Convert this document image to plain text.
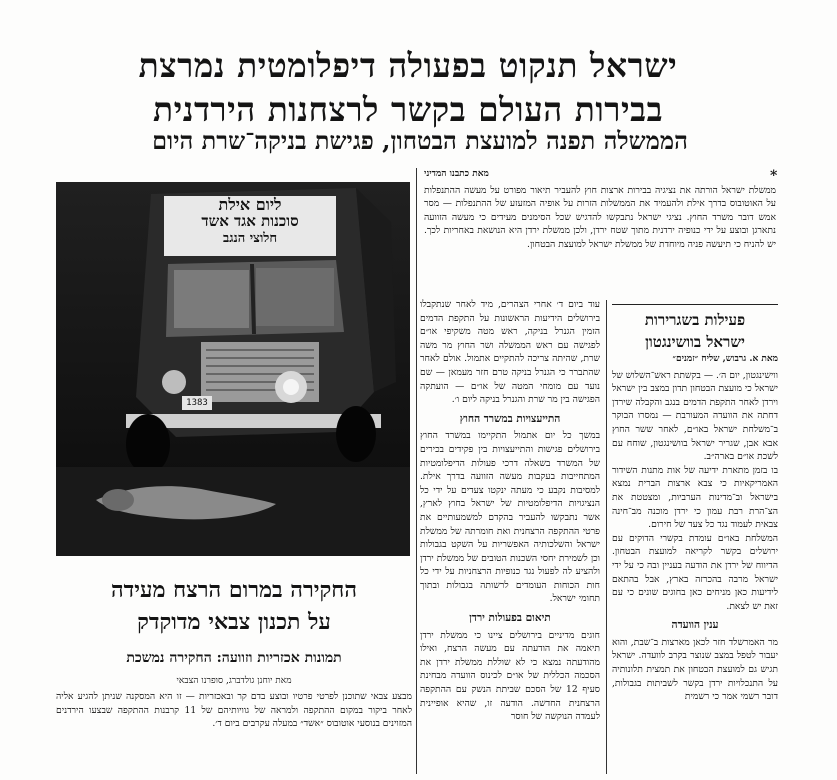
ישראל תנקוט בפעולה דיפלומטית נמרצת
בבירות העולם בקשר לרצחנות הירדנית
הממשלה תפנה למועצת הבטחון, פגישת בניקה־שרת היום
ליום אילת
סוכנות אגד אשד
חלוצי הנגב
1383
החקירה במרום הרצח מעידה
על תכנון צבאי מדוקדק
תמונות אכזריות וזוועה: החקירה נמשכת
מאת יוחנן גולדברג, סופרנו הצבאי
מבצע צבאי שתוכנן לפרטי פרטיו ובוצע בדם קר ובאכזריות — זו היא המסקנה שניתן להגיע אליה לאחר ביקור במקום ההתקפה ולמראה של גוויותיהם של 11 קרבנות ההתקפה שבצעו הירדנים המזוינים בנוסעי אוטובוס ״אשד״ במעלה עקרבים ביום ד׳.
מאת כתבנו המדיני

ממשלת ישראל הורתה את נציגיה בבירות ארצות חוץ להעביר תיאור מפורט על מעשה ההתנפלות על האוטובוס בדרך אילת ולהעמיד את הממשלות הזרות על אופיה המזעזע של ההתנפלות — מסר אמש דובר משרד החוץ. נציגי ישראל נתבקשו להדגיש שכל הסימנים מעידים כי מעשה הזוועה נתארגן ובוצע על ידי כנופיה ירדנית מתוך שטח ירדן, ולכן ממשלת ירדן היא הנושאת באחריות לכך. יש להניח כי תיעשה פניה מיוחדת של ממשלת ישראל למועצת הבטחון.

*

עוד ביום ד׳ אחרי הצהרים, מיד לאחר שנתקבלו בירושלים הידיעות הראשונות על התקפת הדמים הזמין הגנרל בניקה, ראש מטה משקיפי או״ם לפגישה עם ראש הממשלה ושר החוץ מר משה שרת, שהיתה צריכה להתקיים אתמול. אולם לאחר שהתברר כי הגנרל בניקה טרם חזר מעמאן — שם נועד עם מומחי המטה של או״ם — הועתקה הפגישה בין מר שרת והגנרל בניקה ליום ו׳.

התייעצויות במשרד החוץ

במשך כל יום אתמול התקיימו במשרד החוץ בירושלים פגישות והתייעצויות בין פקידים בכירים של המשרד בשאלה דרכי פעולות הדיפלומטיות המתחייבות בעקבות מעשה הזוועה בדרך אילת. למסיבות נקבע כי מעתה ינקטו צעדים על ידי כל הנציגויות הדיפלומטיות של ישראל בחוץ לארץ, אשר נתבקשו להעביר בהקדם למשמעותיים את פרטי ההתקפה הרצחנית ואת חומרתה של ממשלת ישראל והשלכותיה האפשריות על השקט בגבולות וכן לשמירת יחסי השכנות הטובים של ממשלת ירדן ולהציע לה לפעול נגד כנופיות הרצחניות על ידי כל חות הכוחות העומדים לרשותה בגבולות ובתוך תחומי ישראל.

תיאום בפעולות ירדן

חוגים מדיניים בירושלים ציינו כי ממשלת ירדן תיאמה את הודעתה עם מעשה הרצח, ואילו מהודעתה נמצא כי לא שוללת ממשלת ירדן את הסכמה הכללית של או״ם לכינוס הוועדה מבחינת סעיף 12 של הסכם שביתת הנשק עם ההתקפה הרצחנית החדשה. הודעה זו, שהיא אופיינית לעמדה הנוקשה של חוסר

פעילות בשגרירות
ישראל בוושינגטון
מאת א. גרבוש, שליח ״זמנים״

ווישינגטון, יום ה׳. — בקשתת ראש־השלוש של ישראל כי מועצת הבטחון תדון במצב בין ישראל וירדן לאחר התקפת הדמים בנגב והקבלה שירדן דחתה את הוועדה המעורבת — נמסרו הבוקר ב־משלחת ישראל באו״ם, לאחר ששר החוץ אבא אבן, שגריר ישראל בוושינגטון, שוחח עם לשכת או״ם בארה״ב.

בו בזמן מתארת ידיעה של אות מתנות השידור האמריקאיות כי צבא ארצות הברית נמצא בישראל וב־מדינות הערביות, ומצטטת את הצ־הרת רבת עמון כי ירדן מוכנה מב־חינה צבאית לעמוד נגד כל צעד של חירום.

המשלחת באו״ם עומדת בקשרי הדוקים עם ירושלים בקשר לקריאה למועצת הבטחון. הדיווח של ירדן את הודעה בעניין ובה כי על ידי ישראל מרבה בהכרזה בארץ, אבל בהתאם לידיעות כאן מניחים כאן בחוגים שונים כי עם זאת יש לצאת.

ענין הוועדה

מר האמרשלד חזר לכאן מארצות ב־שבת, והוא יעבור לטפל במצב שנוצר בקרב לוועדה. ישראל תגיש גם למועצת הבטחון את תמצית תלונותיה על התנכלויות ירדן בקשר לשביתות בגבולות, דובר רשמי אמר כי רשמית
